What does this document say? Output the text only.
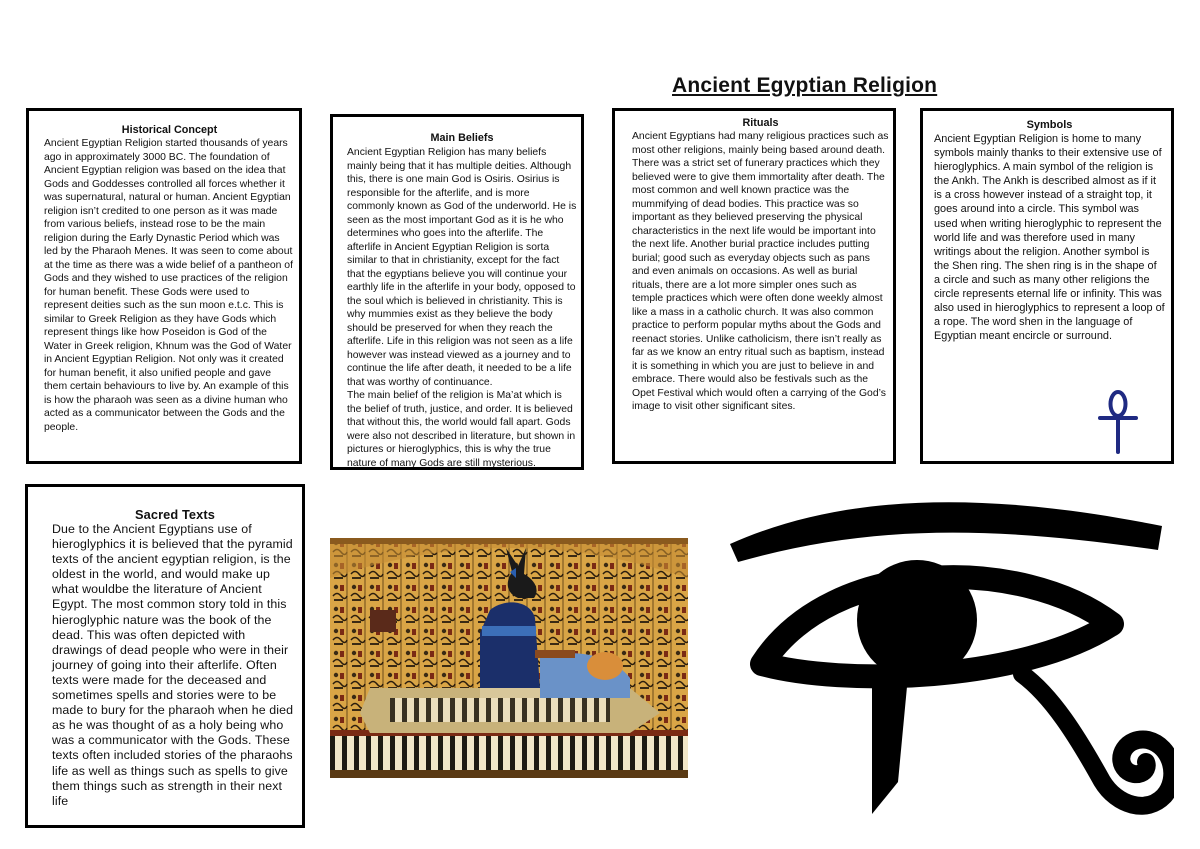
Ancient Egyptian Religion
Historical Concept

Ancient Egyptian Religion started thousands of years ago in approximately 3000 BC. The foundation of Ancient Egyptian religion was based on the idea that Gods and Goddesses controlled all forces whether it was supernatural, natural or human. Ancient Egyptian religion isn’t credited to one person as it was made from various beliefs, instead rose to be the main religion during the Early Dynastic Period which was led by the Pharaoh Menes. It was seen to come about at the time as there was a wide belief of a pantheon of Gods and they wished to use practices of the religion for human benefit. These Gods were used to represent deities such as the sun moon e.t.c. This is similar to Greek Religion as they have Gods which represent things like how Poseidon is God of the Water in Greek religion, Khnum was the God of Water in Ancient Egyptian Religion. Not only was it created for human benefit, it also unified people and gave them certain behaviours to live by. An example of this is how the pharaoh was seen as a divine human who acted as a communicator between the Gods and the people.

Main Beliefs

Ancient Egyptian Religion has many beliefs mainly being that it has multiple deities. Although this, there is one main God is Osiris. Osirius is responsible for the afterlife, and is more commonly known as God of the underworld. He is seen as the most important God as it is he who determines who goes into the afterlife. The afterlife in Ancient Egyptian Religion is sorta similar to that in christianity, except for the fact that the egyptians believe you will continue your earthly life in the afterlife in your body, opposed to the soul which is believed in christianity. This is why mummies exist as they believe the body should be preserved for when they reach the afterlife. Life in this religion was not seen as a life however was instead viewed as a journey and to continue the life after death, it needed to be a life that was worthy of continuance.

The main belief of the religion is Ma’at which is the belief of truth, justice, and order. It is believed that without this, the world would fall apart. Gods were also not described in literature, but shown in pictures or hieroglyphics, this is why the true nature of many Gods are still mysterious.

Rituals

Ancient Egyptians had many religious practices such as most other religions, mainly being based around death. There was a strict set of funerary practices which they believed were to give them immortality after death. The most common and well known practice was the mummifying of dead bodies. This practice was so important as they believed preserving the physical characteristics in the next life would be important into the next life. Another burial practice includes putting burial; good such as everyday objects such as pans and even animals on occasions. As well as burial rituals, there are a lot more simpler ones such as temple practices which were often done weekly almost like a mass in a catholic church. It was also common practice to perform popular myths about the Gods and reenact stories. Unlike catholicism, there isn’t really as far as we know an entry ritual such as baptism, instead it is something in which you are just to believe in and embrace. There would also be festivals such as the Opet Festival which would often a carrying of the God’s image to visit other significant sites.

Symbols

Ancient Egyptian Religion is home to many symbols mainly thanks to their extensive use of hieroglyphics. A main symbol of the religion is the Ankh. The Ankh is described almost as if it is a cross however instead of a straight top, it goes around into a circle. This symbol was used when writing hieroglyphic to represent the world life and was therefore used in many writings about the religion. Another symbol is the Shen ring. The shen ring is in the shape of a circle and such as many other religions the circle represents eternal life or infinity. This was also used in hieroglyphics to represent a loop of a rope. The word shen in the language of Egyptian meant encircle or surround.

Sacred Texts

Due to the Ancient Egyptians use of hieroglyphics it is believed that the pyramid texts of the ancient egyptian religion, is the oldest in the world, and would make up what wouldbe the literature of Ancient Egypt. The most common story told in this hieroglyphic nature was the book of the dead. This was often depicted with drawings of dead people who were in their journey of going into their afterlife. Often texts were made for the deceased and sometimes spells and stories were to be made to bury for the pharaoh when he died as he was thought of as a holy being who was a communicator with the Gods. These texts often included stories of the pharaohs life as well as things such as spells to give them things such as strength in their next life
